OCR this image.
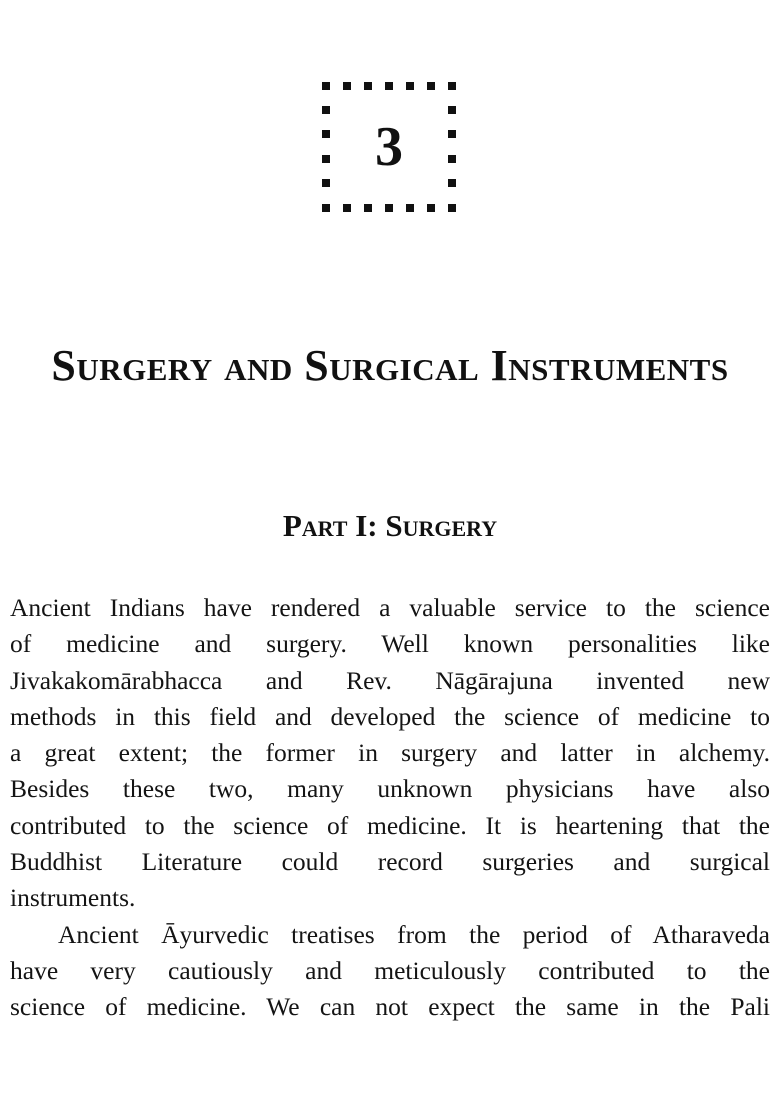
3
Surgery and Surgical Instruments
Part I: Surgery
Ancient Indians have rendered a valuable service to the science
of medicine and surgery. Well known personalities like
Jivakakomārabhacca and Rev. Nāgārajuna invented new
methods in this field and developed the science of medicine to
a great extent; the former in surgery and latter in alchemy.
Besides these two, many unknown physicians have also
contributed to the science of medicine. It is heartening that the
Buddhist Literature could record surgeries and surgical
instruments.
Ancient Āyurvedic treatises from the period of Atharaveda
have very cautiously and meticulously contributed to the
science of medicine. We can not expect the same in the Pali
